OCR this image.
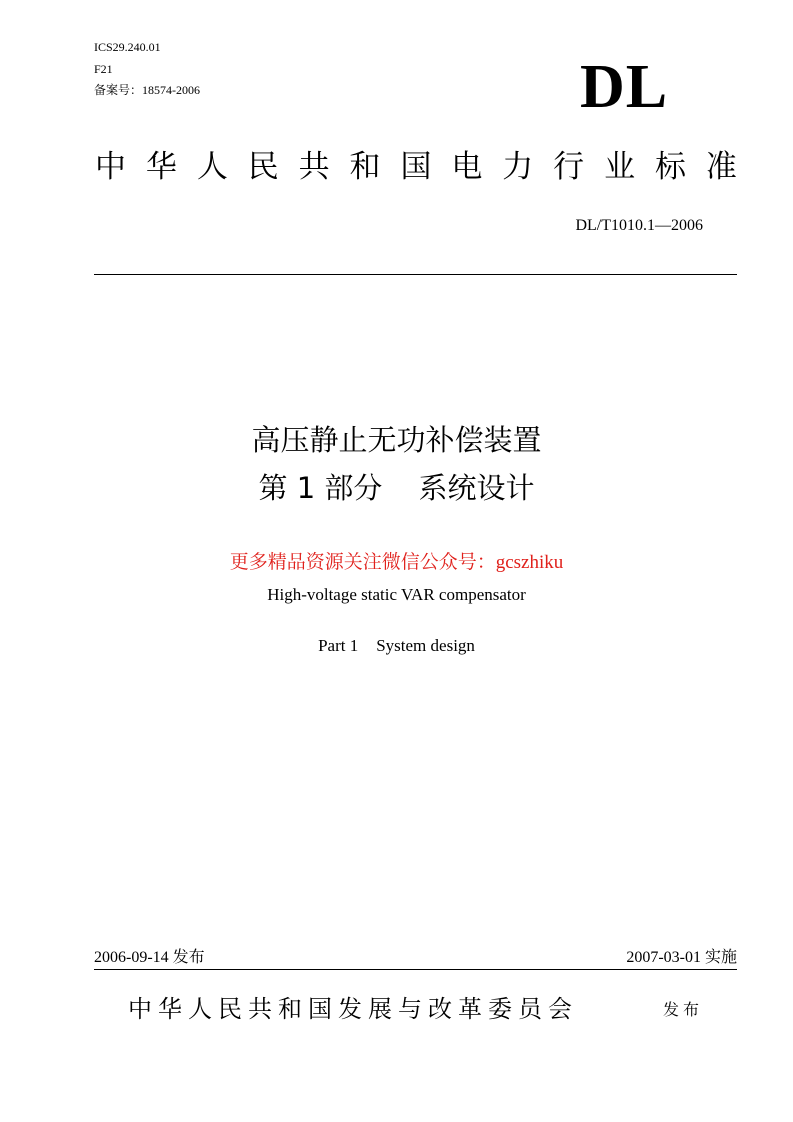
ICS29.240.01
F21
备案号：18574-2006	DL
中 华 人 民 共 和 国 电 力 行 业 标 准
DL/T1010.1—2006
高压静止无功补偿装置
第 1 部分 系统设计
更多精品资源关注微信公众号：gcszhiku
High-voltage static VAR compensator
Part 1 System design
2006-09-14 发布	2007-03-01 实施
中华人民共和国发展与改革委员会	发布
